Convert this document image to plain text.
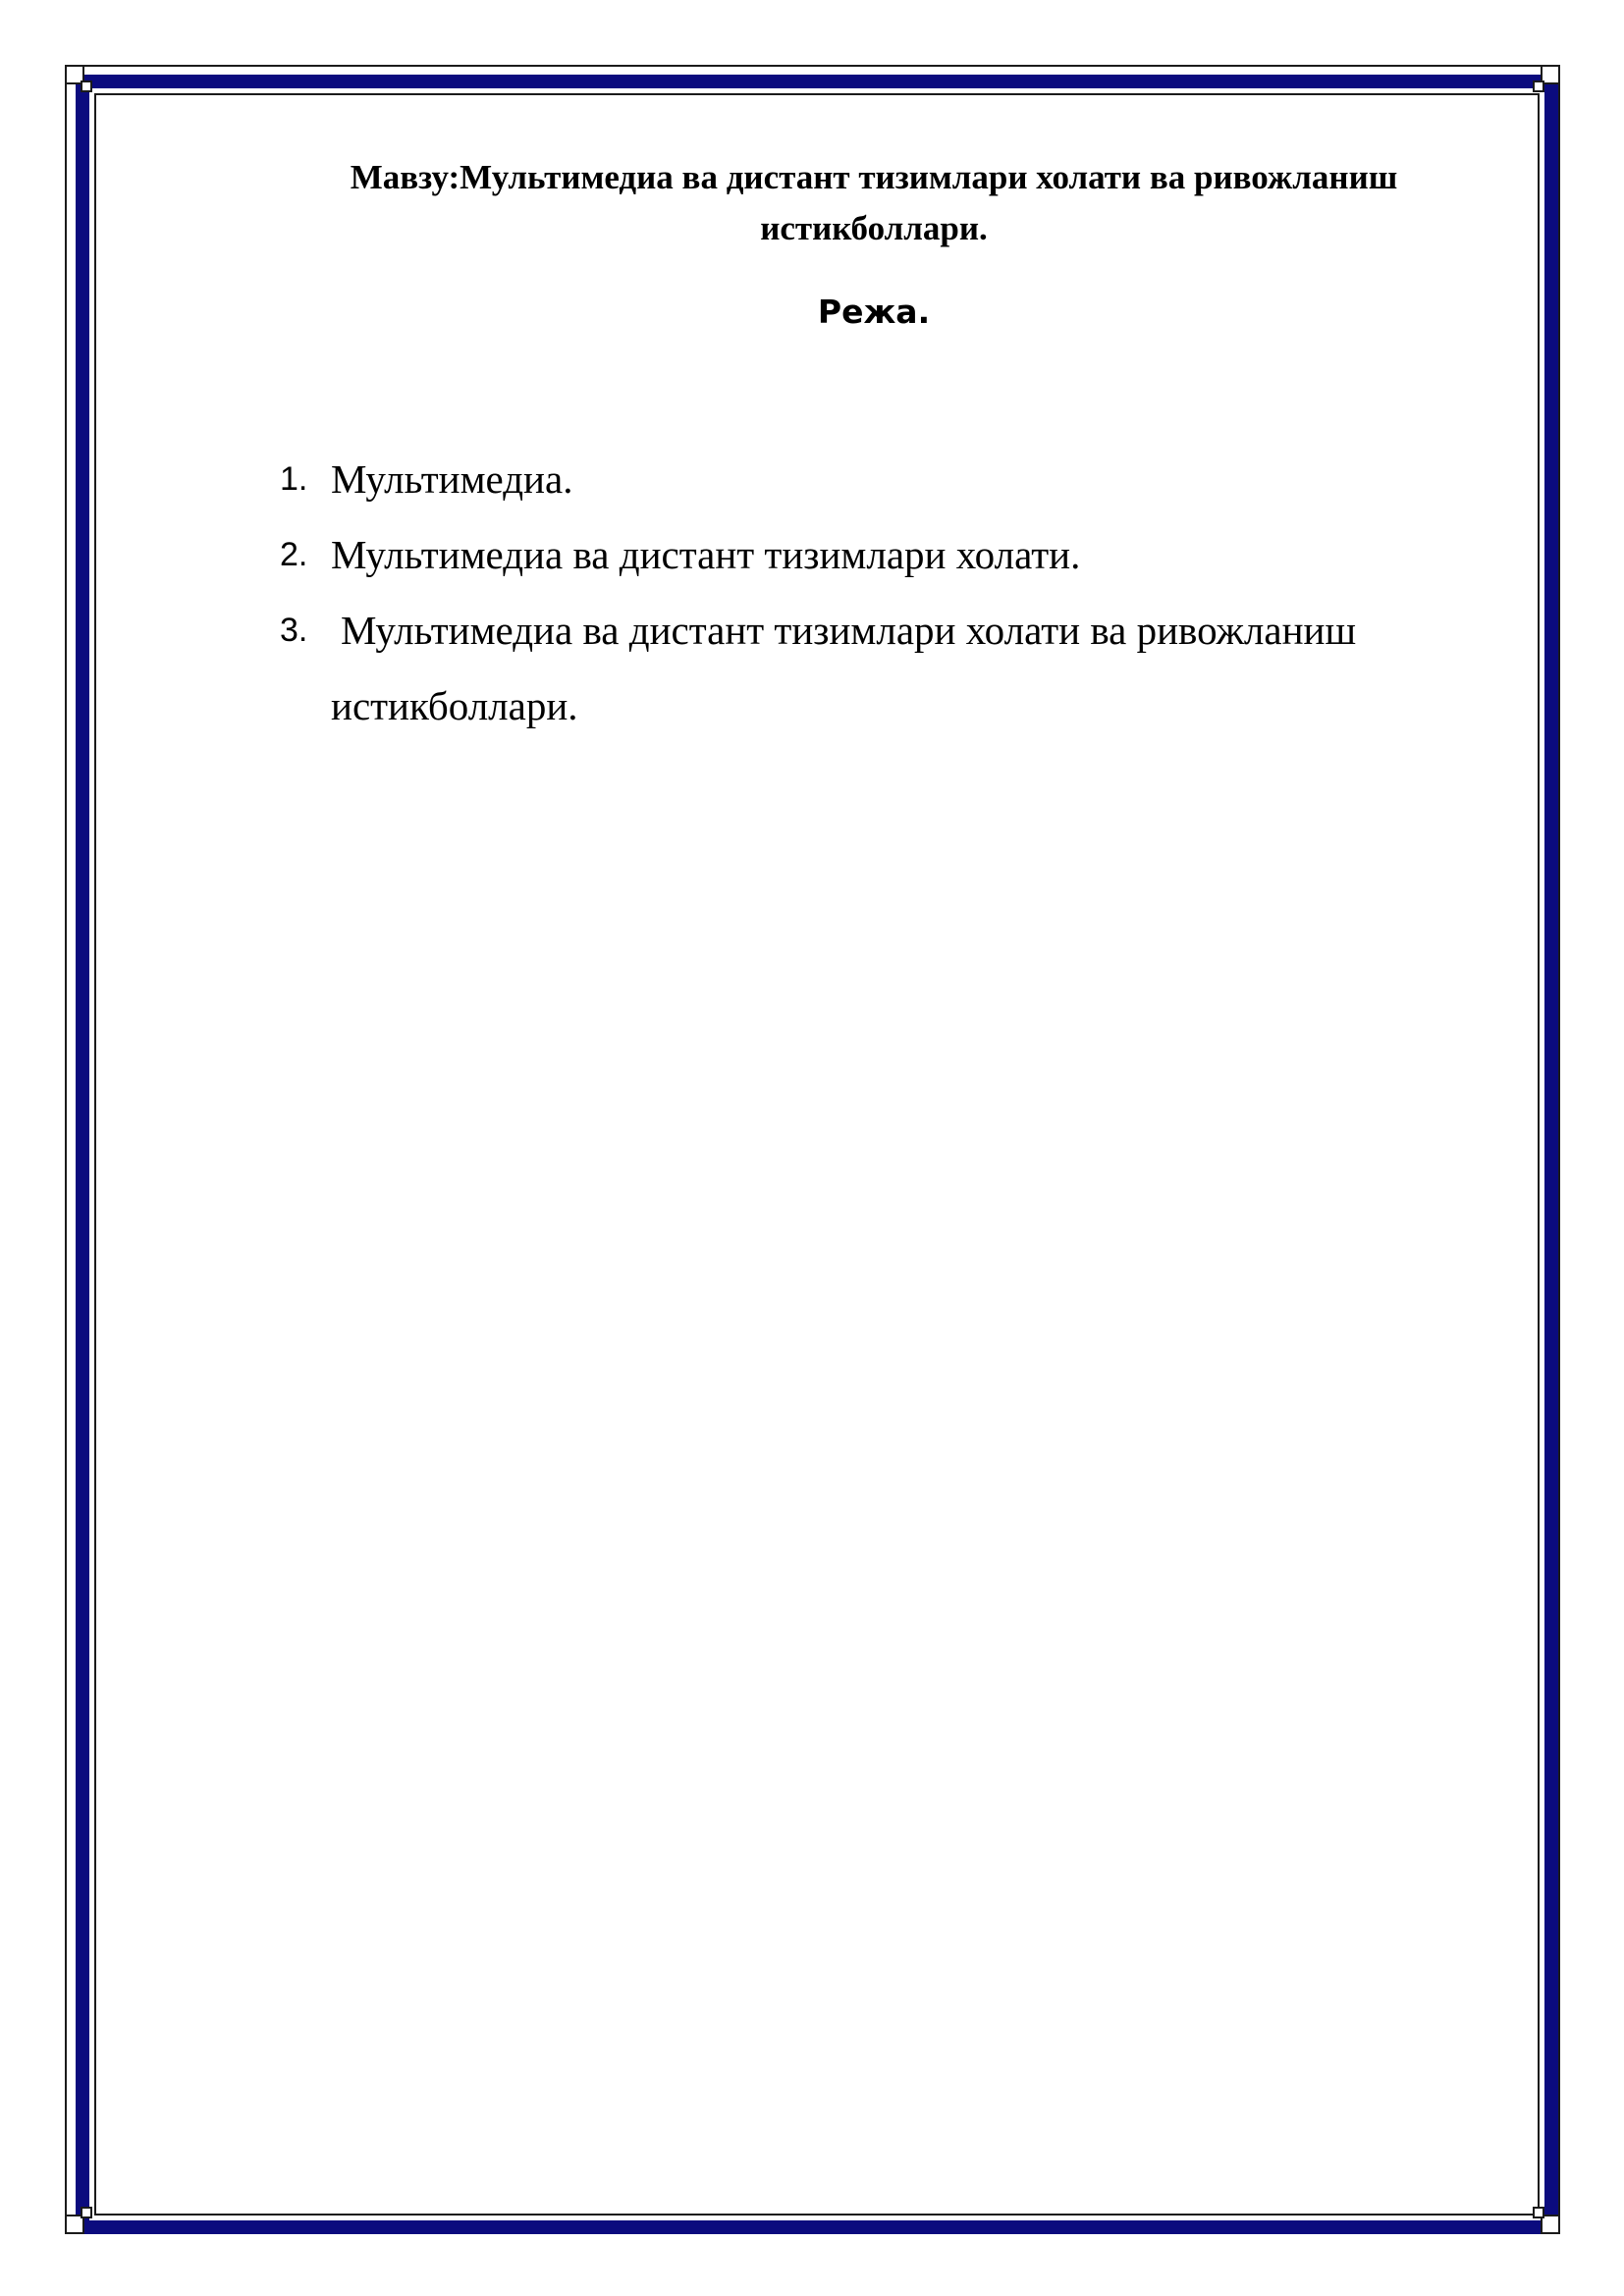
Мавзу:Мультимедиа ва дистант тизимлари холати ва ривожланиш истикболлари.
Режа.
1. Мультимедиа.
2. Мультимедиа ва дистант тизимлари холати.
3. Мультимедиа ва дистант тизимлари холати ва ривожланиш
истикболлари.
